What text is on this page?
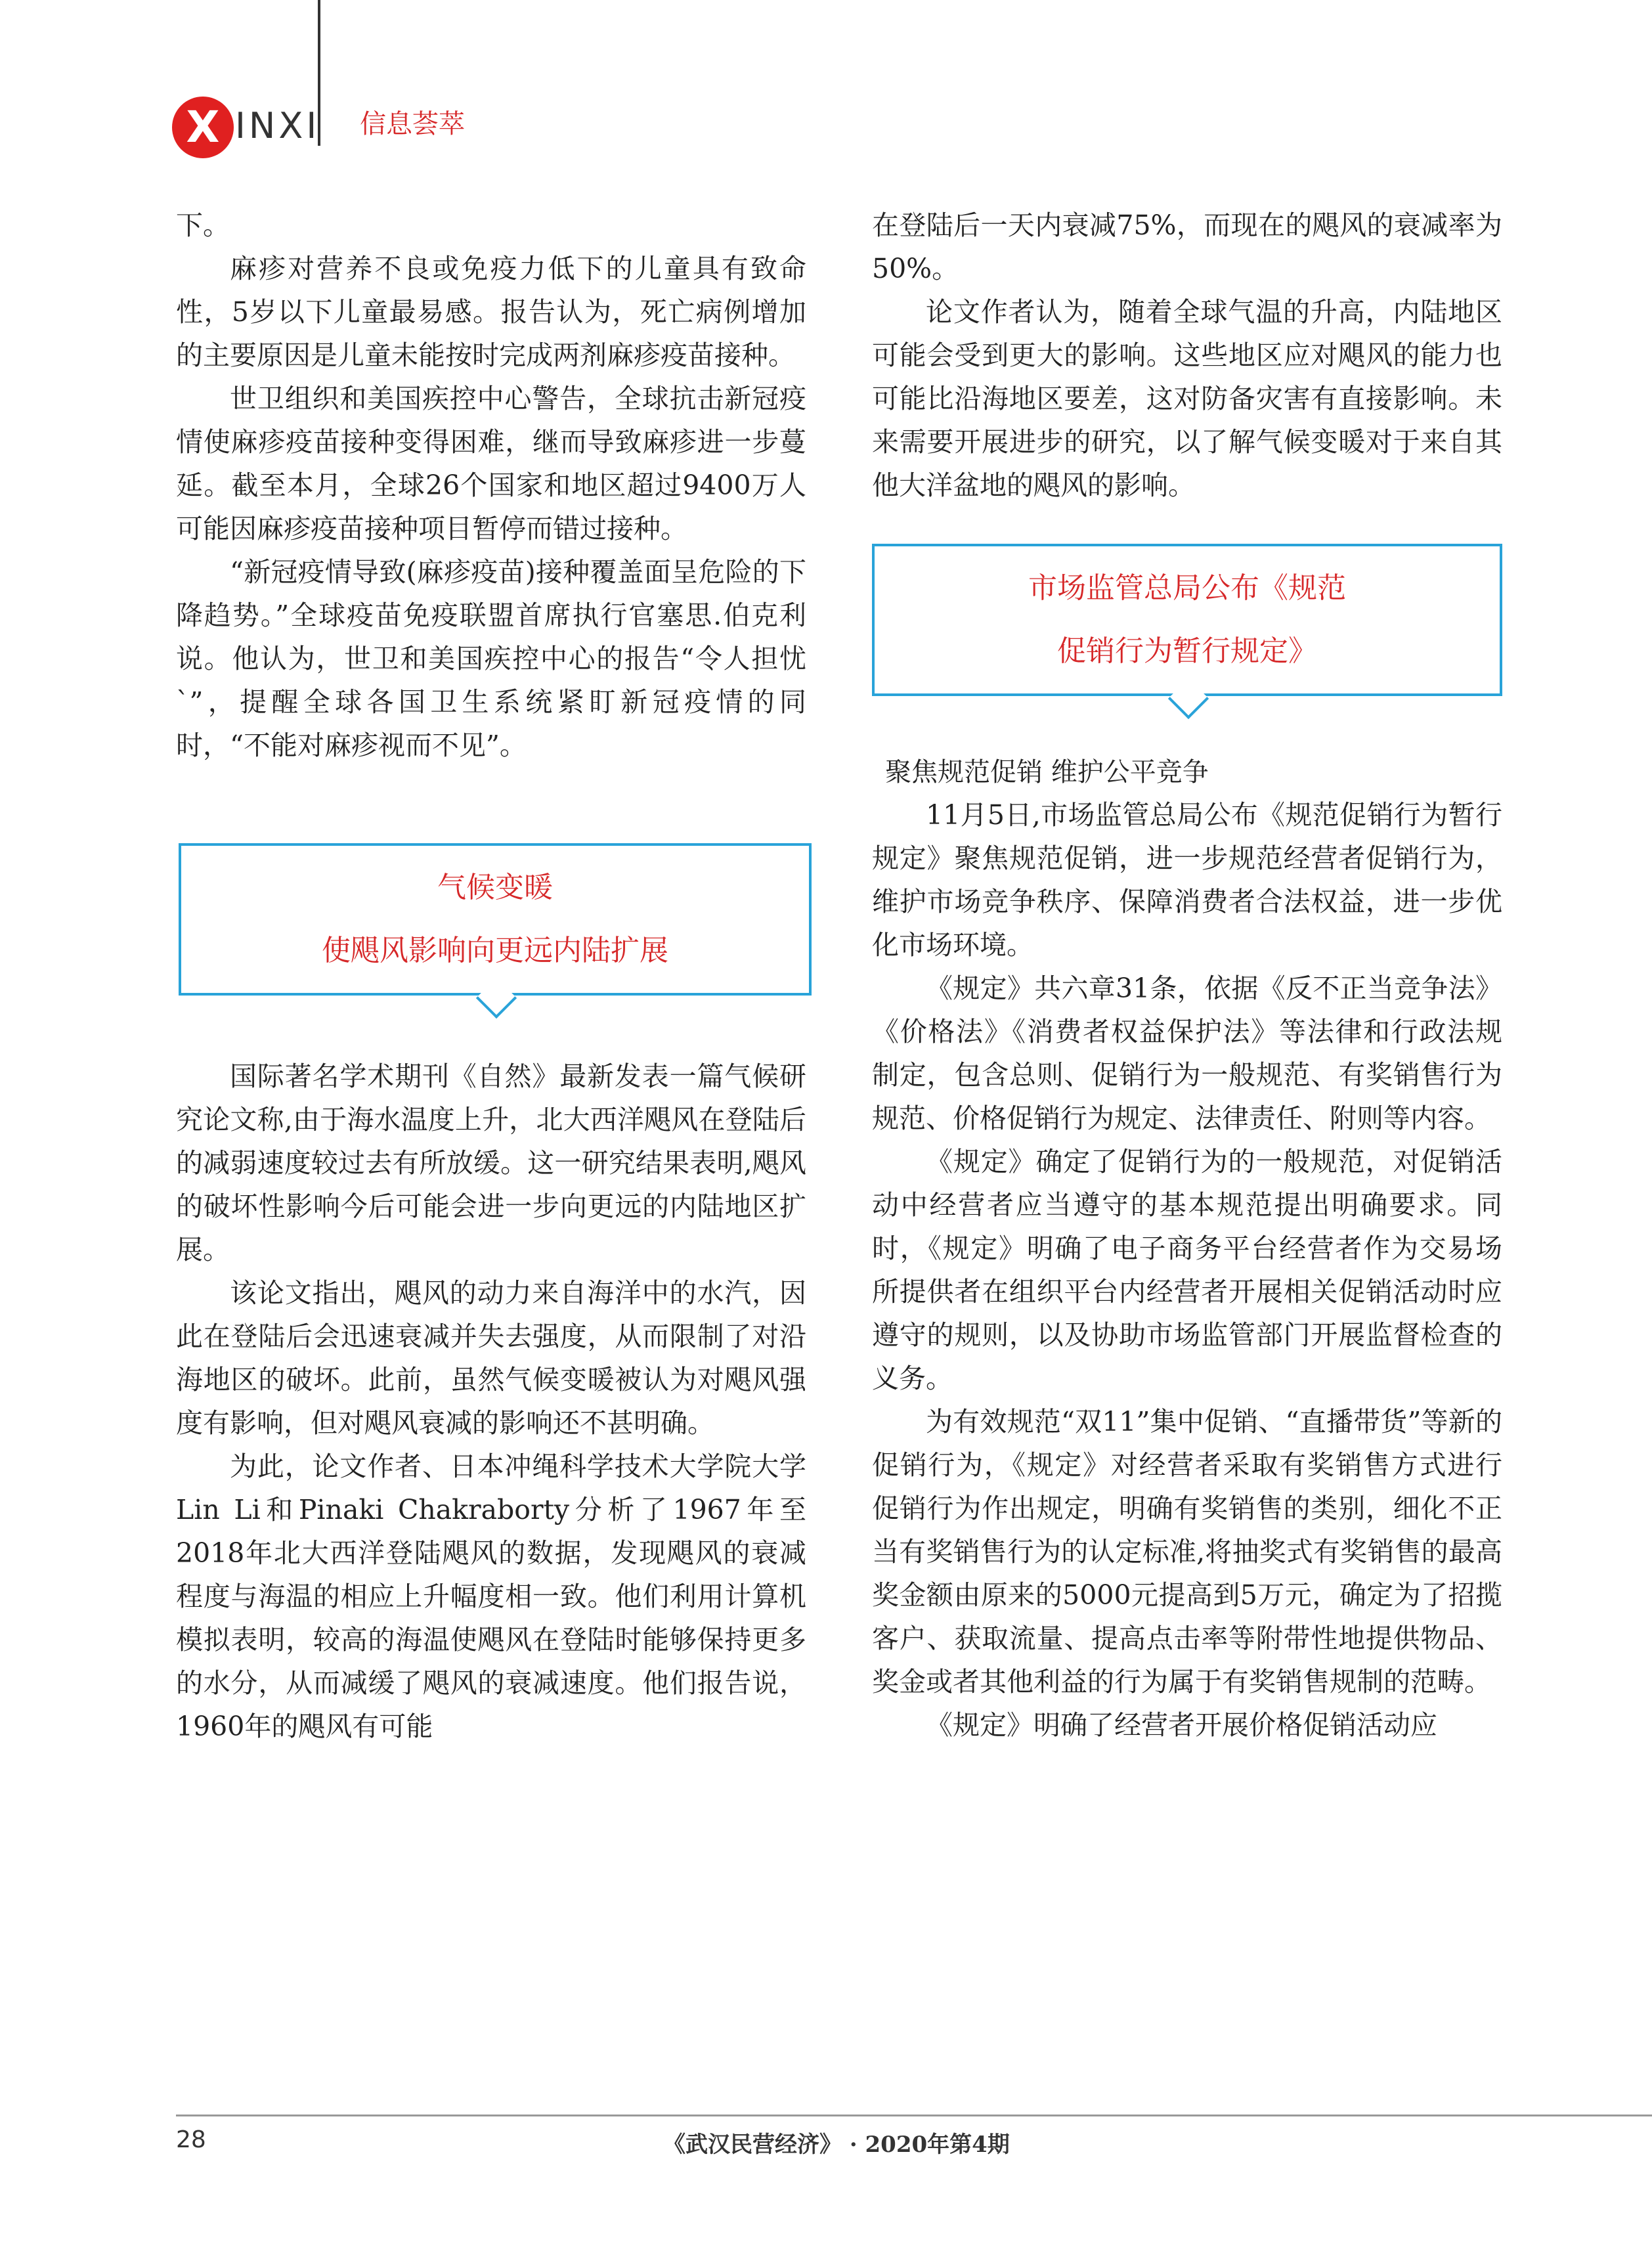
X INXI 信息荟萃

下。

麻疹对营养不良或免疫力低下的儿童具有致命性，5岁以下儿童最易感。报告认为，死亡病例增加的主要原因是儿童未能按时完成两剂麻疹疫苗接种。

世卫组织和美国疾控中心警告，全球抗击新冠疫情使麻疹疫苗接种变得困难，继而导致麻疹进一步蔓延。截至本月，全球26个国家和地区超过9400万人可能因麻疹疫苗接种项目暂停而错过接种。

“新冠疫情导致(麻疹疫苗)接种覆盖面呈危险的下降趋势。”全球疫苗免疫联盟首席执行官塞思.伯克利说。他认为，世卫和美国疾控中心的报告“令人担忧`”，提醒全球各国卫生系统紧盯新冠疫情的同时，“不能对麻疹视而不见”。

气候变暖
使飓风影响向更远内陆扩展

国际著名学术期刊《自然》最新发表一篇气候研究论文称,由于海水温度上升，北大西洋飓风在登陆后的减弱速度较过去有所放缓。这一研究结果表明,飓风的破坏性影响今后可能会进一步向更远的内陆地区扩展。

该论文指出，飓风的动力来自海洋中的水汽，因此在登陆后会迅速衰减并失去强度，从而限制了对沿海地区的破坏。此前，虽然气候变暖被认为对飓风强度有影响，但对飓风衰减的影响还不甚明确。

为此，论文作者、日本冲绳科学技术大学院大学 Lin Li和Pinaki Chakraborty分析了1967年至2018年北大西洋登陆飓风的数据，发现飓风的衰减程度与海温的相应上升幅度相一致。他们利用计算机模拟表明，较高的海温使飓风在登陆时能够保持更多的水分，从而减缓了飓风的衰减速度。他们报告说，1960年的飓风有可能

在登陆后一天内衰减75%，而现在的飓风的衰减率为50%。

论文作者认为，随着全球气温的升高，内陆地区可能会受到更大的影响。这些地区应对飓风的能力也可能比沿海地区要差，这对防备灾害有直接影响。未来需要开展进步的研究，以了解气候变暖对于来自其他大洋盆地的飓风的影响。

市场监管总局公布《规范
促销行为暂行规定》

聚焦规范促销 维护公平竞争

11月5日,市场监管总局公布《规范促销行为暂行规定》聚焦规范促销，进一步规范经营者促销行为，维护市场竞争秩序、保障消费者合法权益，进一步优化市场环境。

《规定》共六章31条，依据《反不正当竞争法》《价格法》《消费者权益保护法》等法律和行政法规制定，包含总则、促销行为一般规范、有奖销售行为规范、价格促销行为规定、法律责任、附则等内容。

《规定》确定了促销行为的一般规范，对促销活动中经营者应当遵守的基本规范提出明确要求。同时，《规定》明确了电子商务平台经营者作为交易场所提供者在组织平台内经营者开展相关促销活动时应遵守的规则，以及协助市场监管部门开展监督检查的义务。

为有效规范“双11”集中促销、“直播带货”等新的促销行为，《规定》对经营者采取有奖销售方式进行促销行为作出规定，明确有奖销售的类别，细化不正当有奖销售行为的认定标准,将抽奖式有奖销售的最高奖金额由原来的5000元提高到5万元，确定为了招揽客户、获取流量、提高点击率等附带性地提供物品、奖金或者其他利益的行为属于有奖销售规制的范畴。

《规定》明确了经营者开展价格促销活动应

28	《武汉民营经济》 · 2020年第4期
